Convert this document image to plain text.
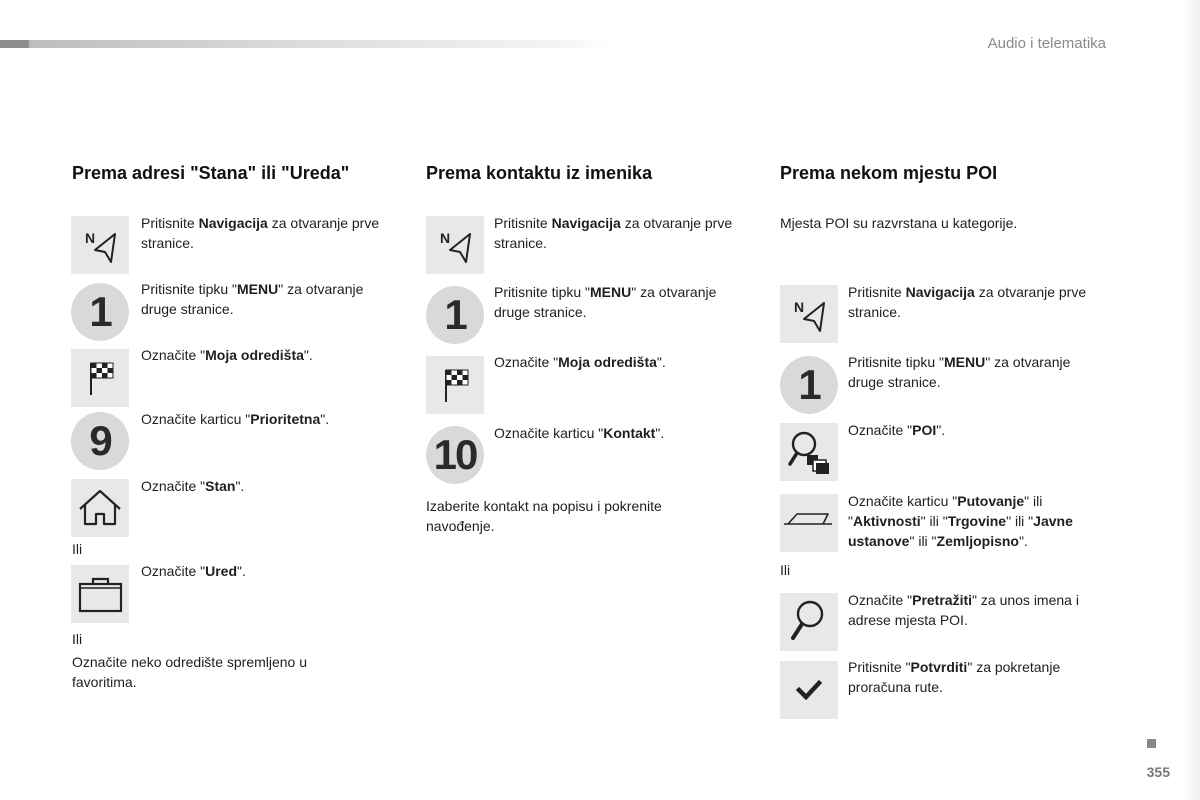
Audio i telematika
Prema adresi "Stana" ili "Ureda"
N
Pritisnite Navigacija za otvaranje prve stranice.
1	Pritisnite tipku "MENU" za otvaranje druge stranice.
Označite "Moja odredišta".
9	Označite karticu "Prioritetna".
Označite "Stan".
Ili
Označite "Ured".
Ili
Označite neko odredište spremljeno u favoritima.
Prema kontaktu iz imenika
N
Pritisnite Navigacija za otvaranje prve stranice.
1	Pritisnite tipku "MENU" za otvaranje druge stranice.
Označite "Moja odredišta".
10	Označite karticu "Kontakt".
Izaberite kontakt na popisu i pokrenite navođenje.
Prema nekom mjestu POI
Mjesta POI su razvrstana u kategorije.
N
Pritisnite Navigacija za otvaranje prve stranice.
1	Pritisnite tipku "MENU" za otvaranje druge stranice.
Označite "POI".
Označite karticu "Putovanje" ili "Aktivnosti" ili "Trgovine" ili "Javne ustanove" ili "Zemljopisno".
Ili
Označite "Pretražiti" za unos imena i adrese mjesta POI.
Pritisnite "Potvrditi" za pokretanje proračuna rute.
355
